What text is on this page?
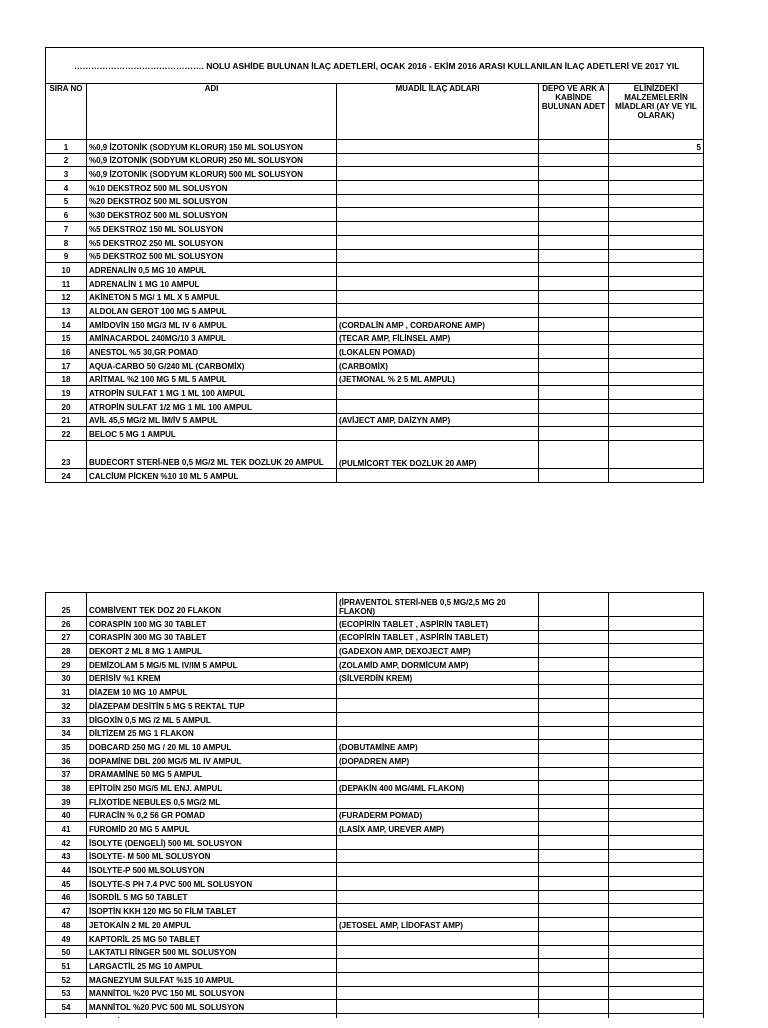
………………………………………. NOLU ASHİDE BULUNAN İLAÇ ADETLERİ, OCAK 2016 - EKİM 2016 ARASI KULLANILAN İLAÇ ADETLERİ VE 2017 YIL				
SIRA NO	ADI	MUADİL İLAÇ ADLARI	DEPO VE ARK A KABİNDE BULUNAN ADET	ELİNİZDEKİ MALZEMELERİN MİADLARI (AY VE YIL OLARAK)
1	%0,9 İZOTONİK (SODYUM KLORUR) 150 ML SOLUSYON			5
2	%0,9 İZOTONİK (SODYUM KLORUR) 250 ML SOLUSYON			
3	%0,9 İZOTONİK (SODYUM KLORUR) 500 ML SOLUSYON			
4	%10 DEKSTROZ 500 ML SOLUSYON			
5	%20 DEKSTROZ 500 ML SOLUSYON			
6	%30 DEKSTROZ 500 ML SOLUSYON			
7	%5 DEKSTROZ 150 ML SOLUSYON			
8	%5 DEKSTROZ 250 ML SOLUSYON			
9	%5 DEKSTROZ 500 ML SOLUSYON			
10	ADRENALİN 0,5 MG 10 AMPUL			
11	ADRENALİN 1 MG 10 AMPUL			
12	AKİNETON 5 MG/ 1 ML X 5 AMPUL			
13	ALDOLAN GEROT 100 MG 5 AMPUL			
14	AMİDOVİN 150 MG/3 ML IV 6 AMPUL	(CORDALİN AMP , CORDARONE AMP)		
15	AMİNACARDOL 240MG/10 3 AMPUL	(TECAR AMP, FİLİNSEL AMP)		
16	ANESTOL %5 30,GR POMAD	(LOKALEN POMAD)		
17	AQUA-CARBO 50 G/240 ML (CARBOMİX)	(CARBOMİX)		
18	ARİTMAL %2 100 MG 5 ML 5 AMPUL	(JETMONAL % 2 5 ML AMPUL)		
19	ATROPİN SULFAT 1 MG 1 ML 100 AMPUL			
20	ATROPİN SULFAT 1/2 MG 1 ML 100 AMPUL			
21	AVİL 45,5 MG/2 ML İM/İV 5 AMPUL	(AVİJECT AMP, DAİZYN AMP)		
22	BELOC 5 MG 1 AMPUL			
23	BUDECORT STERİ-NEB 0,5 MG/2 ML TEK DOZLUK 20 AMPUL	(PULMİCORT TEK DOZLUK 20 AMP)		
24	CALCİUM PİCKEN %10 10 ML 5 AMPUL			
25	COMBİVENT TEK DOZ 20 FLAKON	(İPRAVENTOL STERİ-NEB 0,5 MG/2,5 MG 20 FLAKON)		
26	CORASPİN 100 MG 30 TABLET	(ECOPİRİN TABLET , ASPİRİN TABLET)		
27	CORASPİN 300 MG 30 TABLET	(ECOPİRİN TABLET , ASPİRİN TABLET)		
28	DEKORT 2 ML 8 MG 1 AMPUL	(GADEXON AMP, DEXOJECT AMP)		
29	DEMİZOLAM 5 MG/5 ML IV/IM 5 AMPUL	(ZOLAMİD AMP, DORMİCUM AMP)		
30	DERİSİV %1 KREM	(SİLVERDİN KREM)		
31	DİAZEM 10 MG 10 AMPUL			
32	DİAZEPAM DESİTİN 5 MG 5 REKTAL TUP			
33	DİGOXİN 0,5 MG /2 ML 5 AMPUL			
34	DİLTİZEM 25 MG 1 FLAKON			
35	DOBCARD 250 MG / 20 ML 10 AMPUL	(DOBUTAMİNE AMP)		
36	DOPAMİNE DBL 200 MG/5 ML IV AMPUL	(DOPADREN AMP)		
37	DRAMAMİNE 50 MG 5 AMPUL			
38	EPİTOİN 250 MG/5 ML ENJ. AMPUL	(DEPAKİN 400 MG/4ML FLAKON)		
39	FLİXOTİDE NEBULES 0,5 MG/2 ML			
40	FURACİN % 0,2 56 GR POMAD	(FURADERM POMAD)		
41	FUROMİD 20 MG 5 AMPUL	(LASİX AMP, UREVER AMP)		
42	İSOLYTE (DENGELİ) 500 ML SOLUSYON			
43	İSOLYTE- M 500 ML SOLUSYON			
44	İSOLYTE-P 500 MLSOLUSYON			
45	İSOLYTE-S PH 7.4 PVC 500 ML SOLUSYON			
46	İSORDİL 5 MG 50 TABLET			
47	İSOPTİN KKH 120 MG 50 FİLM TABLET			
48	JETOKAİN 2 ML 20 AMPUL	(JETOSEL AMP, LİDOFAST AMP)		
49	KAPTORİL 25 MG 50 TABLET			
50	LAKTATLI RİNGER 500 ML SOLUSYON			
51	LARGACTİL 25 MG 10 AMPUL			
52	MAGNEZYUM SULFAT %15 10 AMPUL			
53	MANNİTOL %20 PVC 150 ML SOLUSYON			
54	MANNİTOL %20 PVC 500 ML SOLUSYON			
